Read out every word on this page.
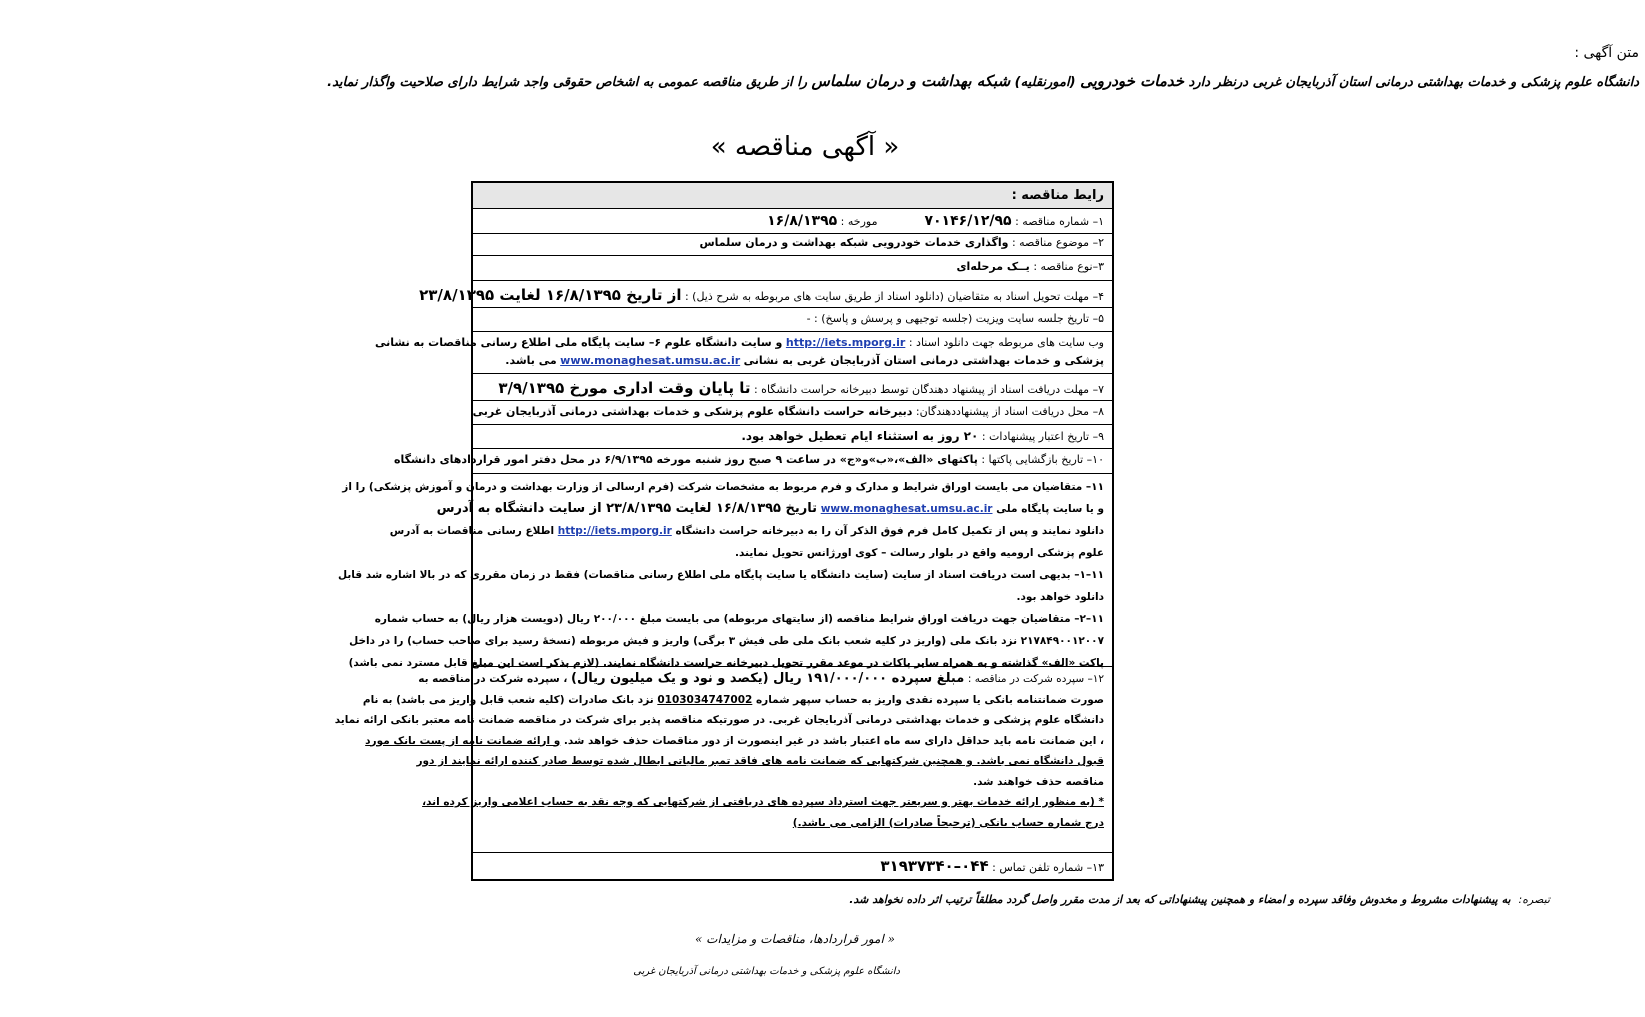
متن آگهی :
دانشگاه علوم پزشکی و خدمات بهداشتی درمانی استان آذربایجان غربی درنظر دارد خدمات خودرویی (امورنقلیه) شبکه بهداشت و درمان سلماس را از طریق مناقصه عمومی به اشخاص حقوقی واجد شرایط دارای صلاحیت واگذار نماید.
« آگهی مناقصه »
رایط مناقصه :
۱– شماره مناقصه : ۷۰۱۴۶/۱۲/۹۵  مورخه : ۱۶/۸/۱۳۹۵
۲– موضوع مناقصه : واگذاری خدمات خودرویی شبکه بهداشت و درمان سلماس
۳–نوع مناقصه : یــک مرحله‌ای
۴– مهلت تحویل اسناد به متقاضیان (دانلود اسناد از طریق سایت های مربوطه به شرح ذیل) : از تاریخ ۱۶/۸/۱۳۹۵ لغایت ۲۳/۸/۱۳۹۵
۵– تاریخ جلسه سایت ویزیت (جلسه توجیهی و پرسش و پاسخ) : -
وب سایت های مربوطه جهت دانلود اسناد : http://iets.mporg.ir و سایت دانشگاه علوم ۶– سایت پایگاه ملی اطلاع رسانی مناقصات به نشانی
پزشکی و خدمات بهداشتی درمانی استان آذربایجان غربی به نشانی www.monaghesat.umsu.ac.ir می باشد.
۷– مهلت دریافت اسناد از پیشنهاد دهندگان توسط دبیرخانه حراست دانشگاه : تا پایان وقت اداری مورخ ۳/۹/۱۳۹۵
۸– محل دریافت اسناد از پیشنهاددهندگان: دبیرخانه حراست دانشگاه علوم پزشکی و خدمات بهداشتی درمانی آذربایجان غربی
۹– تاریخ اعتبار پیشنهادات : ۲۰ روز به استثناء ایام تعطیل خواهد بود.
۱۰– تاریخ بازگشایی پاکتها : پاکتهای «الف»،«ب»و«ج» در ساعت ۹ صبح روز شنبه مورخه ۶/۹/۱۳۹۵ در محل دفتر امور قراردادهای دانشگاه
۱۱– متقاضیان می بایست اوراق شرایط و مدارک و فرم مربوط به مشخصات شرکت (فرم ارسالی از وزارت بهداشت و درمان و آموزش پزشکی) را از
و یا سایت پایگاه ملی www.monaghesat.umsu.ac.ir تاریخ ۱۶/۸/۱۳۹۵ لغایت ۲۳/۸/۱۳۹۵ از سایت دانشگاه به آدرس
دانلود نمایند و پس از تکمیل کامل فرم فوق الذکر آن را به دبیرخانه حراست دانشگاه http://iets.mporg.ir اطلاع رسانی مناقصات به آدرس
علوم پزشکی ارومیه واقع در بلوار رسالت – کوی اورژانس تحویل نمایند.
۱۱–۱– بدیهی است دریافت اسناد از سایت (سایت دانشگاه یا سایت پایگاه ملی اطلاع رسانی مناقصات) فقط در زمان مقرری که در بالا اشاره شد قابل
دانلود خواهد بود.
۱۱–۲– متقاضیان جهت دریافت اوراق شرایط مناقصه (از سایتهای مربوطه) می بایست مبلغ ۲۰۰/۰۰۰ ریال (دویست هزار ریال) به حساب شماره
۲۱۷۸۴۹۰۰۱۲۰۰۷ نزد بانک ملی (واریز در کلیه شعب بانک ملی طی فیش ۳ برگی) واریز و فیش مربوطه (نسخهٔ رسید برای صاحب حساب) را در داخل
پاکت «الف» گذاشته و به همراه سایر پاکات در موعد مقرر تحویل دبیرخانه حراست دانشگاه نمایند. (لازم بذکر است این مبلغ قابل مسترد نمی باشد)
۱۲– سپرده شرکت در مناقصه : مبلغ سپرده ۱۹۱/۰۰۰/۰۰۰ ریال (یکصد و نود و یک میلیون ریال) ، سپرده شرکت در مناقصه به
صورت ضمانتنامه بانکی یا سپرده نقدی واریز به حساب سپهر شماره 0103034747002 نزد بانک صادرات (کلیه شعب قابل واریز می باشد) به نام
دانشگاه علوم پزشکی و خدمات بهداشتی درمانی آذربایجان غربی. در صورتیکه مناقصه پذیر برای شرکت در مناقصه ضمانت نامه معتبر بانکی ارائه نماید
، این ضمانت نامه باید حداقل دارای سه ماه اعتبار باشد در غیر اینصورت از دور مناقصات حذف خواهد شد. و ارائه ضمانت نامه از پست بانک مورد
قبول دانشگاه نمی باشد. و همچنین شرکتهایی که ضمانت نامه های فاقد تمبر مالیاتی ابطال شده توسط صادر کننده ارائه نمایند از دور
مناقصه حذف خواهند شد.
* (به منظور ارائه خدمات بهتر و سریعتر جهت استرداد سپرده های دریافتی از شرکتهایی که وجه نقد به حساب اعلامی واریز کرده اند،
درج شماره حساب بانکی (ترجیحاً صادرات) الزامی می باشد.)
۱۳– شماره تلفن تماس : ۰۴۴–۳۱۹۳۷۳۴۰
تبصره:به پیشنهادات مشروط و مخدوش وفاقد سپرده و امضاء و همچنین پیشنهاداتی که بعد از مدت مقرر واصل گردد مطلقاً ترتیب اثر داده نخواهد شد.
« امور قراردادها، مناقصات و مزایدات »
دانشگاه علوم پزشکی و خدمات بهداشتی درمانی آذربایجان غربی
